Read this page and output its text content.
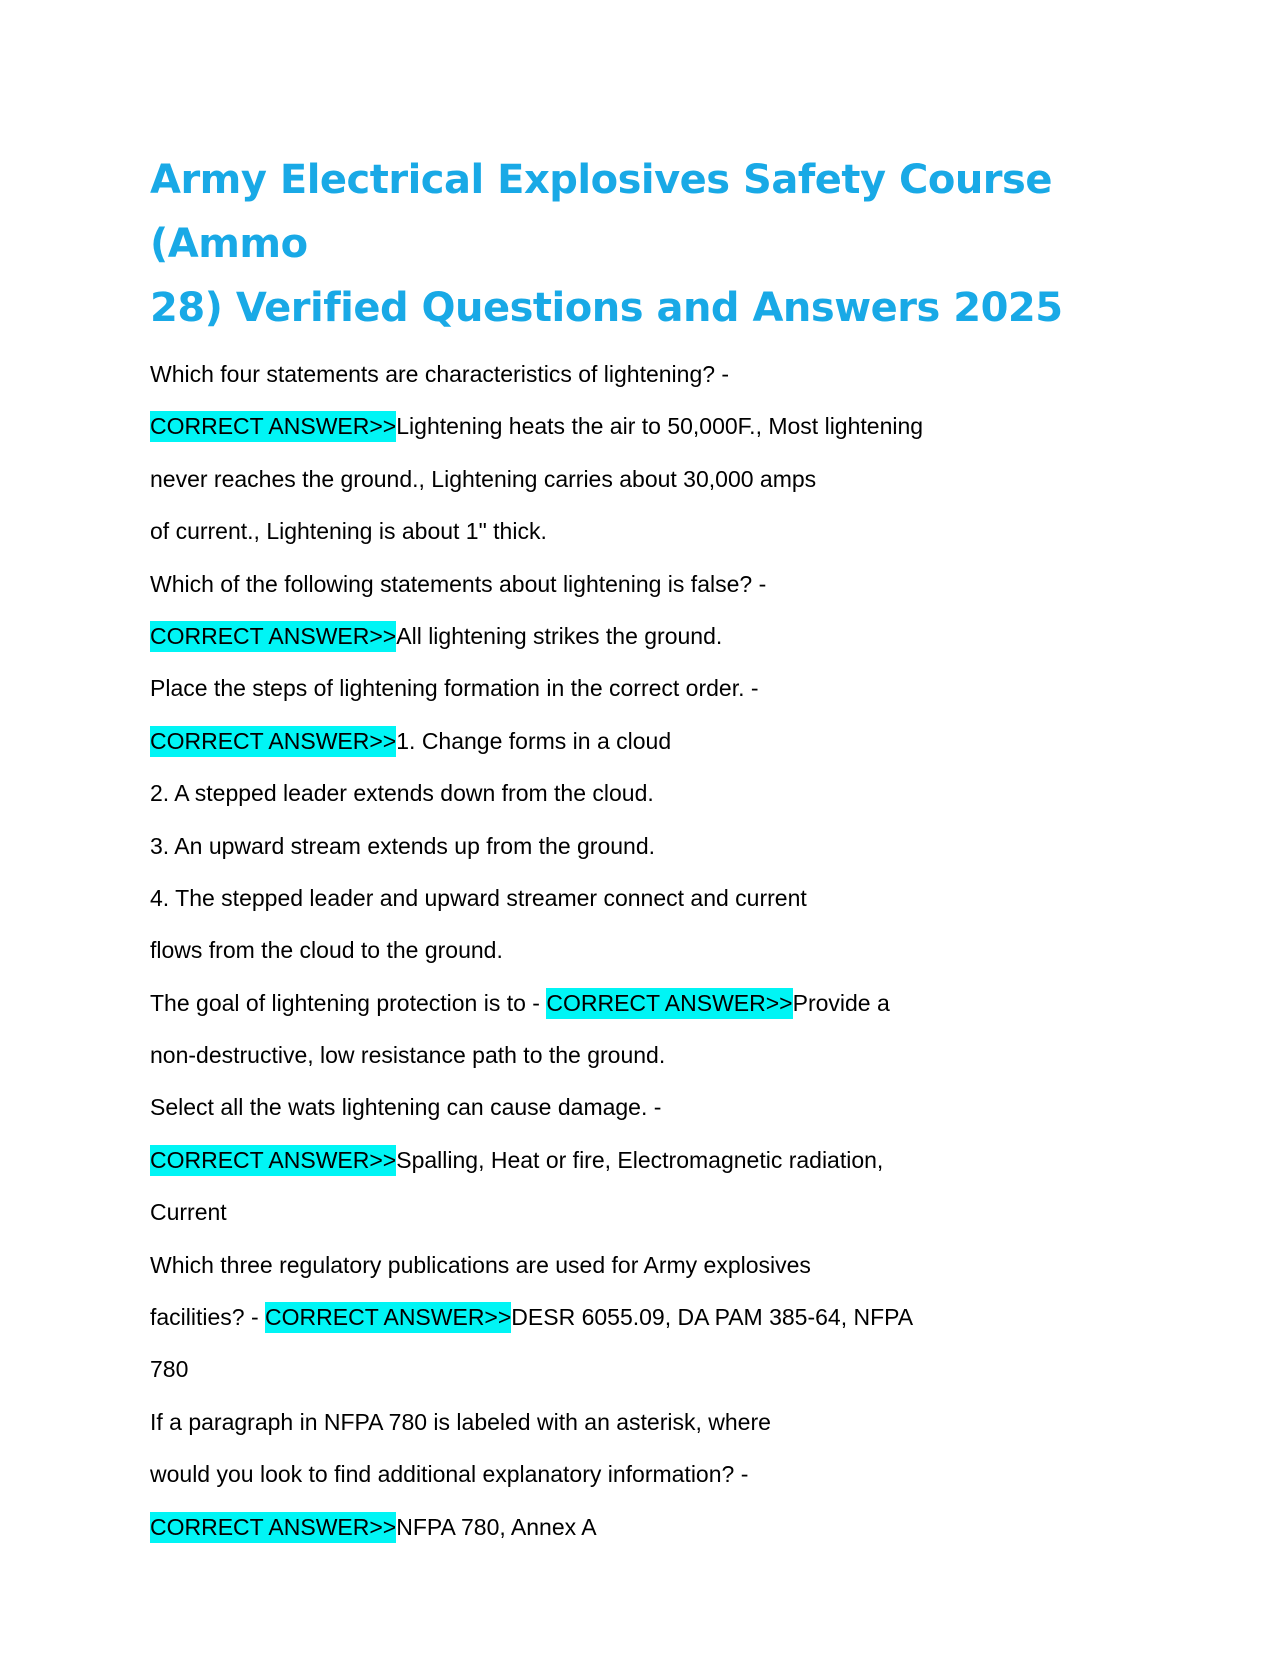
Army Electrical Explosives Safety Course (Ammo
28) Verified Questions and Answers 2025
Which four statements are characteristics of lightening? -
CORRECT ANSWER>>Lightening heats the air to 50,000F., Most lightening
never reaches the ground., Lightening carries about 30,000 amps
of current., Lightening is about 1" thick.
Which of the following statements about lightening is false? -
CORRECT ANSWER>>All lightening strikes the ground.
Place the steps of lightening formation in the correct order. -
CORRECT ANSWER>>1. Change forms in a cloud
2. A stepped leader extends down from the cloud.
3. An upward stream extends up from the ground.
4. The stepped leader and upward streamer connect and current
flows from the cloud to the ground.
The goal of lightening protection is to - CORRECT ANSWER>>Provide a
non-destructive, low resistance path to the ground.
Select all the wats lightening can cause damage. -
CORRECT ANSWER>>Spalling, Heat or fire, Electromagnetic radiation,
Current
Which three regulatory publications are used for Army explosives
facilities? - CORRECT ANSWER>>DESR 6055.09, DA PAM 385-64, NFPA
780
If a paragraph in NFPA 780 is labeled with an asterisk, where
would you look to find additional explanatory information? -
CORRECT ANSWER>>NFPA 780, Annex A
